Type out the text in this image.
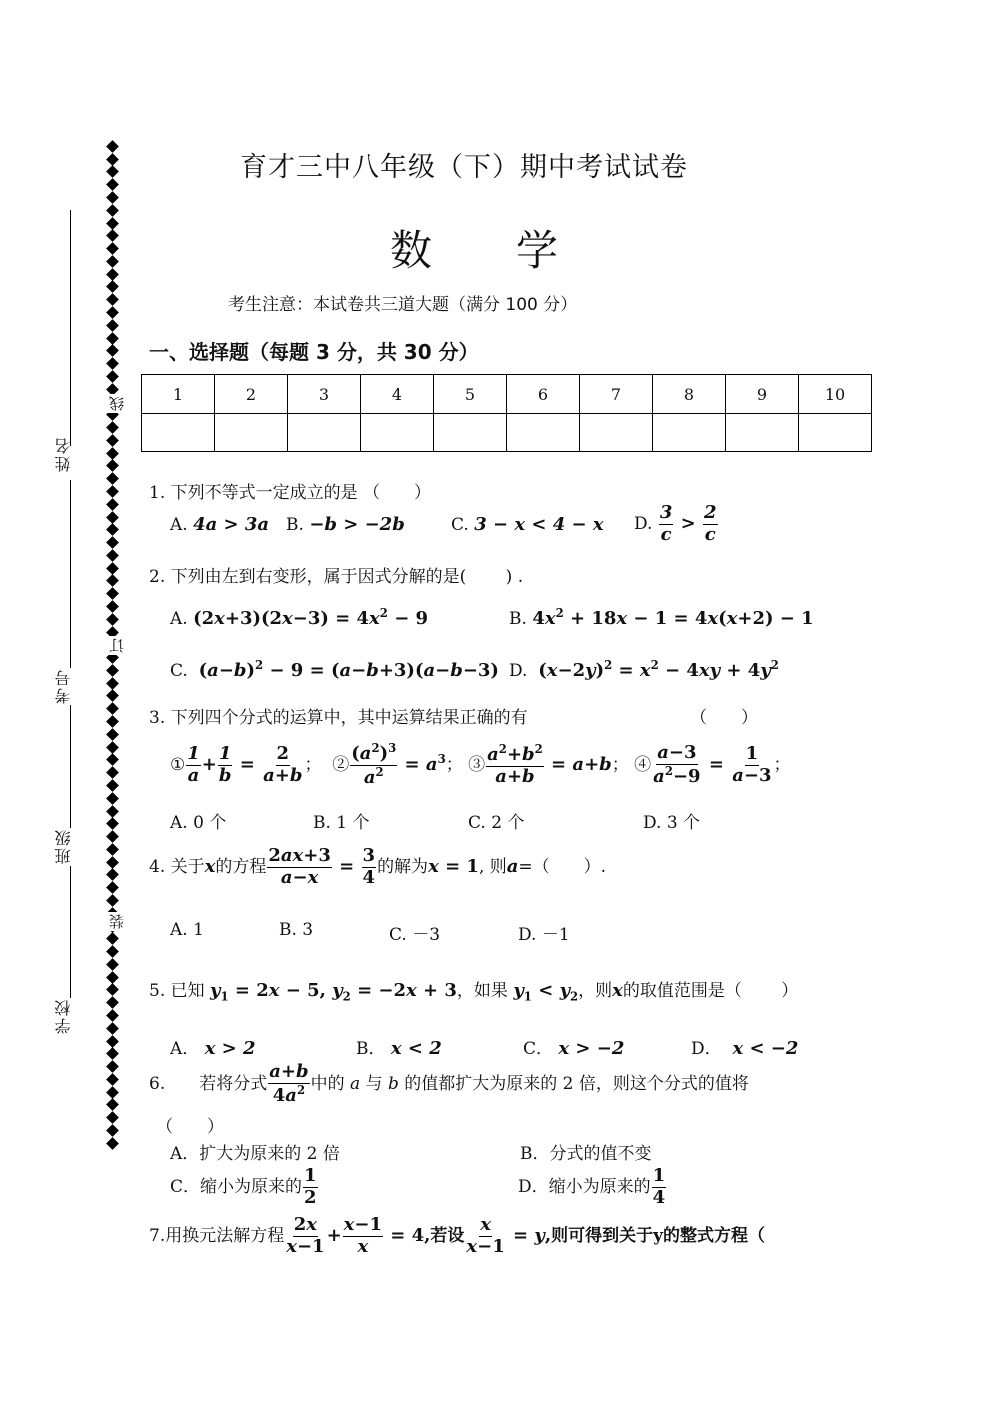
姓名
考号
班级
学校
线
订
装
育才三中八年级（下）期中考试试卷
数　　学
考生注意：本试卷共三道大题（满分 100 分）
一、选择题（每题 3 分，共 30 分）
1	2	3	4	5	6	7	8	9	10

1. 下列不等式一定成立的是 （　　）
A. 4a > 3a B. −b > −2b	C. 3 − x < 4 − x D. $\frac{3}{c} > \frac{2}{c}$
2. 下列由左到右变形，属于因式分解的是(　　 ) .
A. $(2x+3)(2x-3) = 4x^2 - 9$	B. $4x^2 + 18x - 1 = 4x(x+2) - 1$
C. $(a-b)^2 - 9 = (a-b+3)(a-b-3)$ D. $(x-2y)^2 = x^2 - 4xy + 4y^2$
3. 下列四个分式的运算中，其中运算结果正确的有	（　　）
① $\frac{1}{a} + \frac{1}{b} = \frac{2}{a+b}$ ；  ② $\frac{(a^2)^3}{a^2} = a^3$； ③ $\frac{a^2+b^2}{a+b} = a+b$； ④ $\frac{a-3}{a^2-9} = \frac{1}{a-3}$ ；
A. 0 个	B. 1 个	C. 2 个	D. 3 个
4. 关于x的方程 $\frac{2ax+3}{a-x} = \frac{3}{4}$ 的解为x = 1, 则a=（　　）.
A. 1	B. 3	C. －3	D. －1
5. 已知 $y_1 = 2x - 5$, $y_2 = -2x + 3$，如果 $y_1 < y_2$，则x的取值范围是（　　 ）
A． x > 2	B． x < 2	C． x > −2	D． x < −2
6.　　若将分式 $\frac{a+b}{4a^2}$ 中的 a 与 b 的值都扩大为原来的 2 倍，则这个分式的值将
（　　）
A．扩大为原来的 2 倍	B．分式的值不变
C．缩小为原来的 $\frac{1}{2}$	D．缩小为原来的 $\frac{1}{4}$
7.用换元法解方程 $\frac{2x}{x-1} + \frac{x-1}{x} = 4$,若设 $\frac{x}{x-1} = y$,则可得到关于y的整式方程（
